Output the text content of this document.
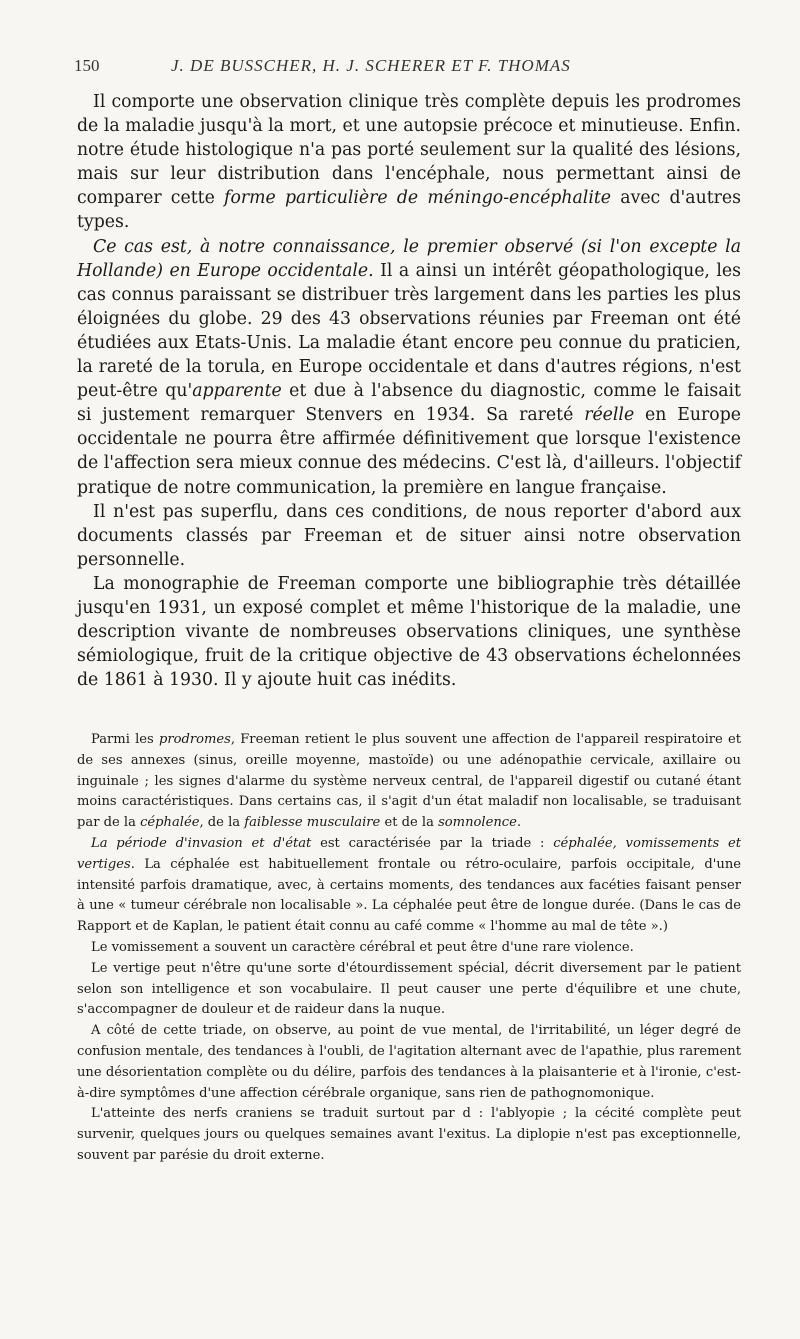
150	J. DE BUSSCHER, H. J. SCHERER ET F. THOMAS

Il comporte une observation clinique très complète depuis les prodromes de la maladie jusqu'à la mort, et une autopsie précoce et minutieuse. Enfin. notre étude histologique n'a pas porté seulement sur la qualité des lésions, mais sur leur distribution dans l'encéphale, nous permettant ainsi de comparer cette forme particulière de méningo-encéphalite avec d'autres types.

Ce cas est, à notre connaissance, le premier observé (si l'on excepte la Hollande) en Europe occidentale. Il a ainsi un intérêt géopathologique, les cas connus paraissant se distribuer très largement dans les parties les plus éloignées du globe. 29 des 43 observations réunies par Freeman ont été étudiées aux Etats-Unis. La maladie étant encore peu connue du praticien, la rareté de la torula, en Europe occidentale et dans d'autres régions, n'est peut-être qu'apparente et due à l'absence du diagnostic, comme le faisait si justement remarquer Stenvers en 1934. Sa rareté réelle en Europe occidentale ne pourra être affirmée définitivement que lorsque l'existence de l'affection sera mieux connue des médecins. C'est là, d'ailleurs. l'objectif pratique de notre communication, la première en langue française.

Il n'est pas superflu, dans ces conditions, de nous reporter d'abord aux documents classés par Freeman et de situer ainsi notre observation personnelle.

La monographie de Freeman comporte une bibliographie très détaillée jusqu'en 1931, un exposé complet et même l'historique de la maladie, une description vivante de nombreuses observations cliniques, une synthèse sémiologique, fruit de la critique objective de 43 observations échelonnées de 1861 à 1930. Il y ajoute huit cas inédits.

Parmi les prodromes, Freeman retient le plus souvent une affection de l'appareil respiratoire et de ses annexes (sinus, oreille moyenne, mastoïde) ou une adénopathie cervicale, axillaire ou inguinale ; les signes d'alarme du système nerveux central, de l'appareil digestif ou cutané étant moins caractéristiques. Dans certains cas, il s'agit d'un état maladif non localisable, se traduisant par de la céphalée, de la faiblesse musculaire et de la somnolence.

La période d'invasion et d'état est caractérisée par la triade : céphalée, vomissements et vertiges. La céphalée est habituellement frontale ou rétro-oculaire, parfois occipitale, d'une intensité parfois dramatique, avec, à certains moments, des tendances aux facéties faisant penser à une « tumeur cérébrale non localisable ». La céphalée peut être de longue durée. (Dans le cas de Rapport et de Kaplan, le patient était connu au café comme « l'homme au mal de tête ».)

Le vomissement a souvent un caractère cérébral et peut être d'une rare violence.

Le vertige peut n'être qu'une sorte d'étourdissement spécial, décrit diversement par le patient selon son intelligence et son vocabulaire. Il peut causer une perte d'équilibre et une chute, s'accompagner de douleur et de raideur dans la nuque.

A côté de cette triade, on observe, au point de vue mental, de l'irritabilité, un léger degré de confusion mentale, des tendances à l'oubli, de l'agitation alternant avec de l'apathie, plus rarement une désorientation complète ou du délire, parfois des tendances à la plaisanterie et à l'ironie, c'est-à-dire symptômes d'une affection cérébrale organique, sans rien de pathognomonique.

L'atteinte des nerfs craniens se traduit surtout par d : l'ablyopie ; la cécité complète peut survenir, quelques jours ou quelques semaines avant l'exitus. La diplopie n'est pas exceptionnelle, souvent par parésie du droit externe.
